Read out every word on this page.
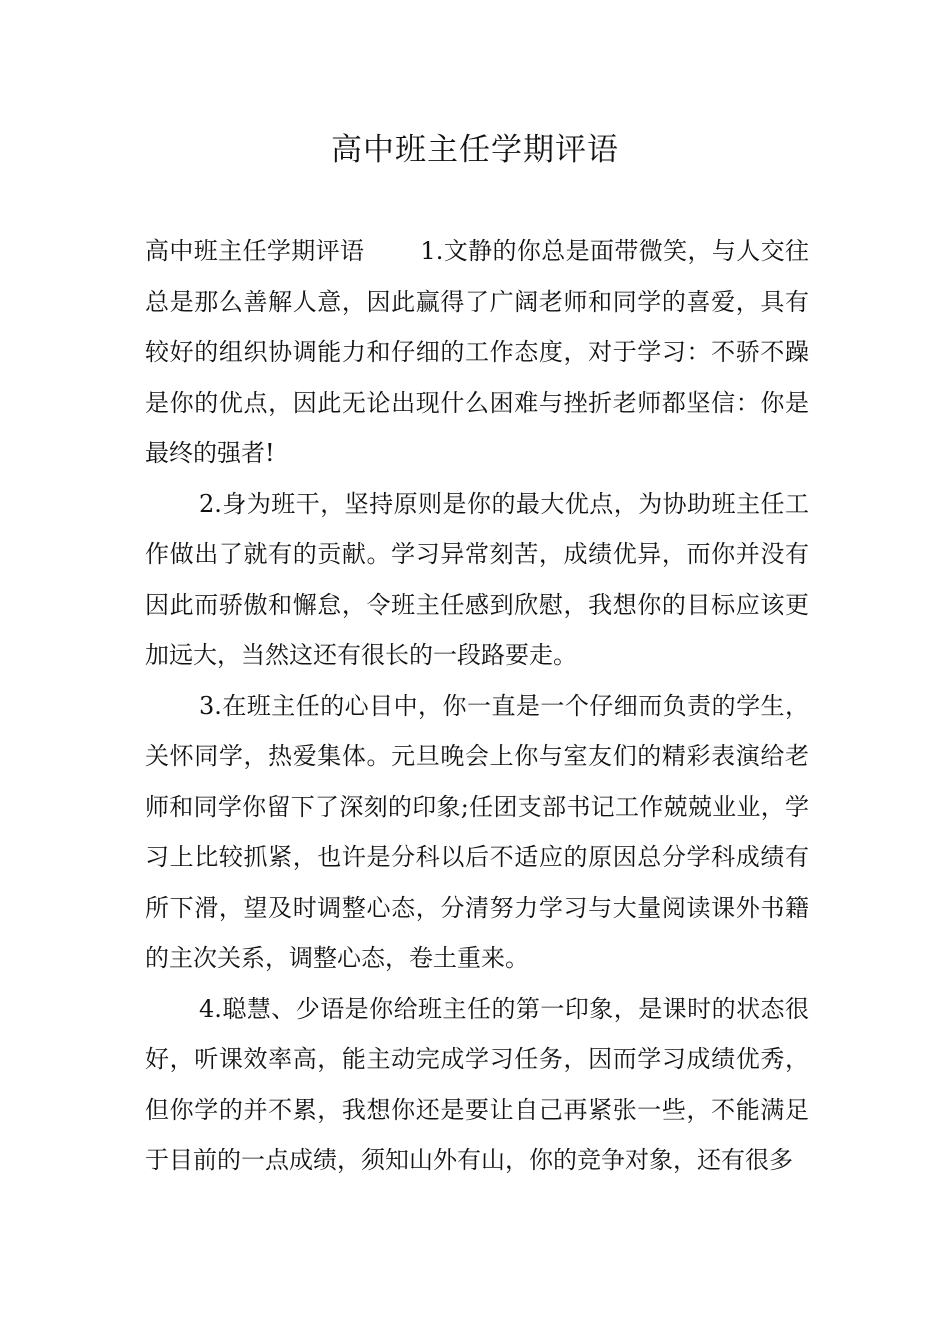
高中班主任学期评语

高中班主任学期评语 1.文静的你总是面带微笑，与人交往总是那么善解人意，因此赢得了广阔老师和同学的喜爱，具有较好的组织协调能力和仔细的工作态度，对于学习：不骄不躁是你的优点，因此无论出现什么困难与挫折老师都坚信：你是最终的强者!

2.身为班干，坚持原则是你的最大优点，为协助班主任工作做出了就有的贡献。学习异常刻苦，成绩优异，而你并没有因此而骄傲和懈怠，令班主任感到欣慰，我想你的目标应该更加远大，当然这还有很长的一段路要走。

3.在班主任的心目中，你一直是一个仔细而负责的学生，关怀同学，热爱集体。元旦晚会上你与室友们的精彩表演给老师和同学你留下了深刻的印象;任团支部书记工作兢兢业业，学习上比较抓紧，也许是分科以后不适应的原因总分学科成绩有所下滑，望及时调整心态，分清努力学习与大量阅读课外书籍的主次关系，调整心态，卷土重来。

4.聪慧、少语是你给班主任的第一印象，是课时的状态很好，听课效率高，能主动完成学习任务，因而学习成绩优秀，但你学的并不累，我想你还是要让自己再紧张一些，不能满足于目前的一点成绩，须知山外有山，你的竞争对象，还有很多
